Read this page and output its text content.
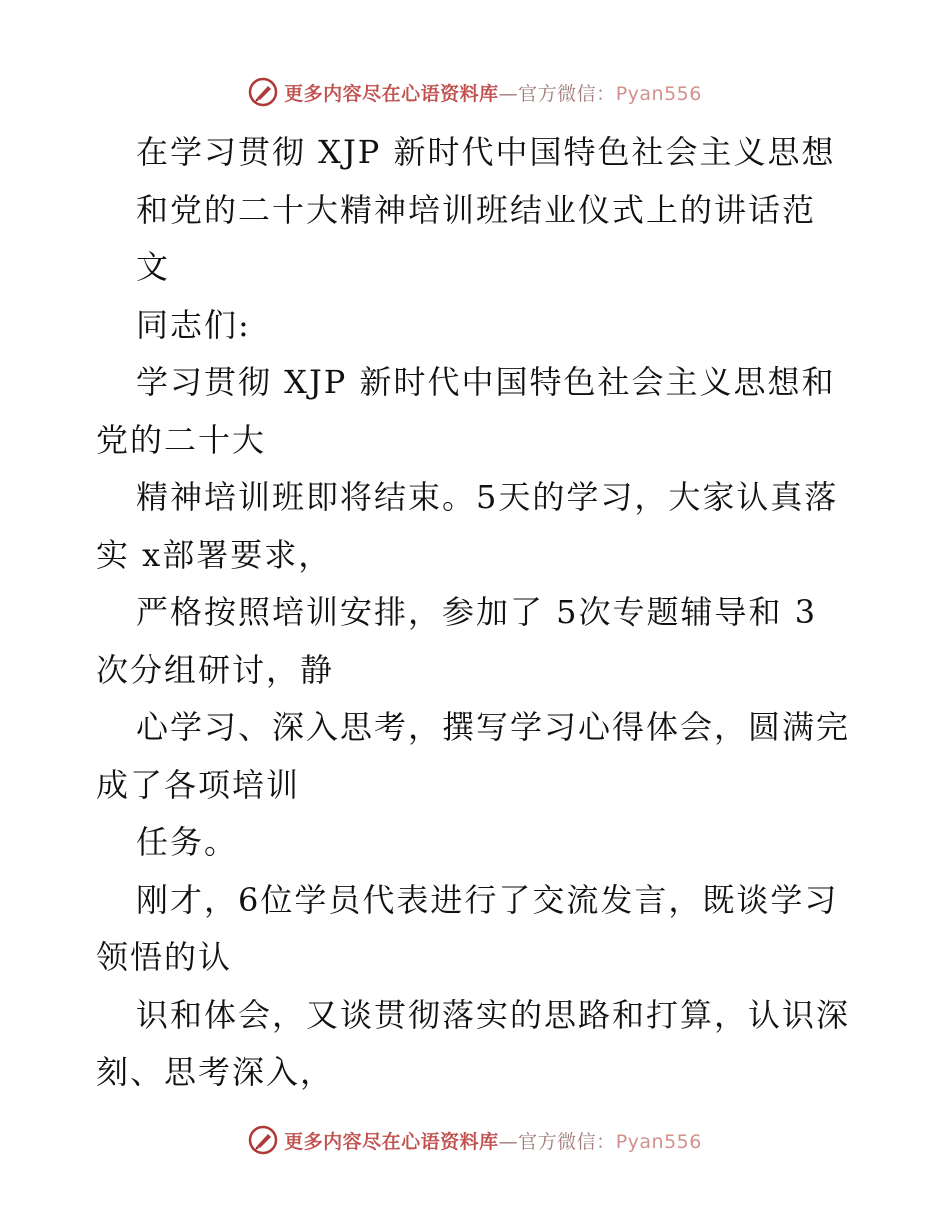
更多内容尽在心语资料库—官方微信：Pyan556
在学习贯彻 XJP 新时代中国特色社会主义思想
和党的二十大精神培训班结业仪式上的讲话范
文
同志们:
学习贯彻 XJP 新时代中国特色社会主义思想和
党的二十大
精神培训班即将结束。5天的学习，大家认真落
实 x部署要求，
严格按照培训安排，参加了 5次专题辅导和 3
次分组研讨，静
心学习、深入思考，撰写学习心得体会，圆满完
成了各项培训
任务。
刚才，6位学员代表进行了交流发言，既谈学习
领悟的认
识和体会，又谈贯彻落实的思路和打算，认识深
刻、思考深入，
更多内容尽在心语资料库—官方微信：Pyan556
